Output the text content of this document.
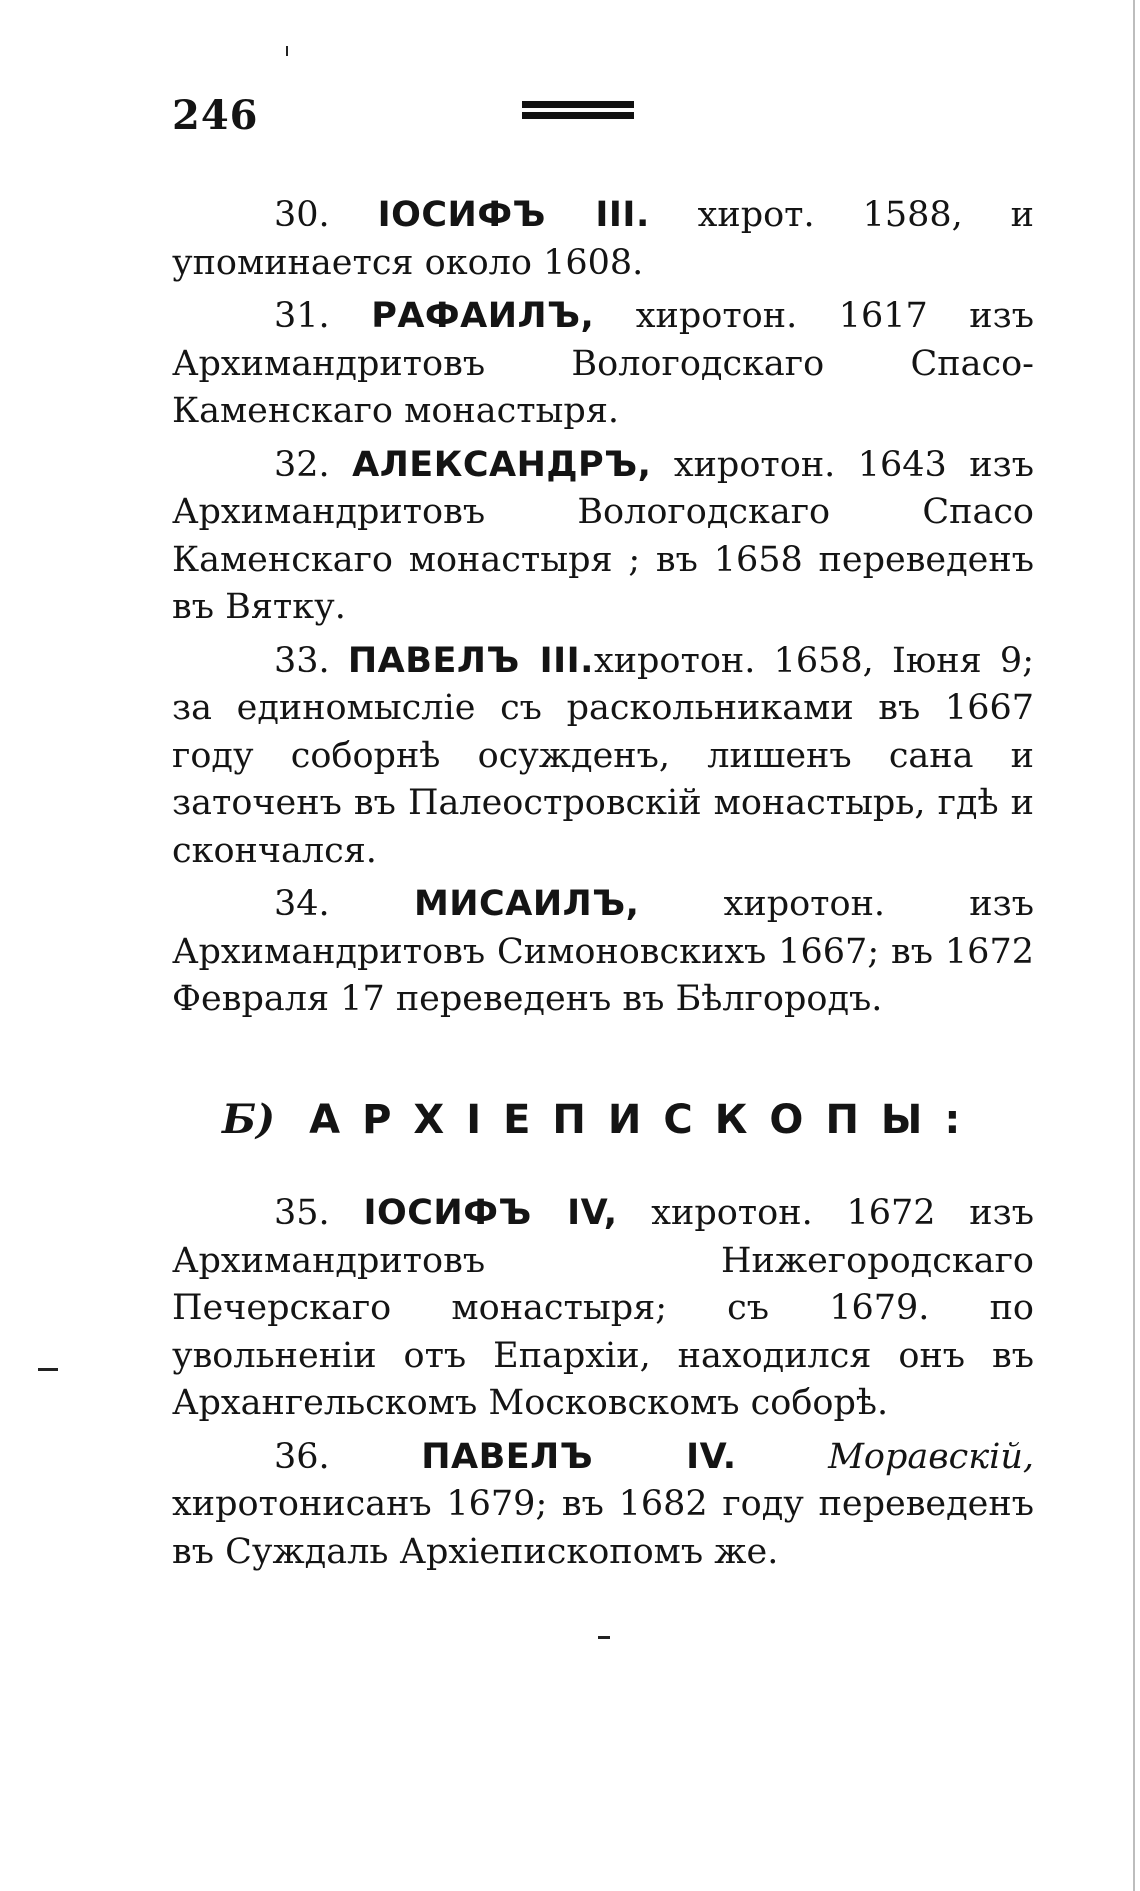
246

30. ІОСИФЪ III. хирот. 1588, и упоминается около 1608.

31. РАФАИЛЪ, хиротон. 1617 изъ Архимандритовъ Вологодскаго Спасо-Каменскаго монастыря.

32. АЛЕКСАНДРЪ, хиротон. 1643 изъ Архимандритовъ Вологодскаго Спасо Каменскаго монастыря ; въ 1658 переведенъ въ Вятку.

33. ПАВЕЛЪ III.хиротон. 1658, Іюня 9; за единомысліе съ раскольниками въ 1667 году соборнѣ осужденъ, лишенъ сана и заточенъ въ Палеостровскій монастырь, гдѣ и скончался.

34. МИСАИЛЪ, хиротон. изъ Архимандритовъ Симоновскихъ 1667; въ 1672 Февраля 17 переведенъ въ Бѣлгородъ.

Б) АРХІЕПИСКОПЫ:

35. ІОСИФЪ IV, хиротон. 1672 изъ Архимандритовъ Нижегородскаго Печерскаго монастыря; съ 1679. по увольненіи отъ Епархіи, находился онъ въ Архангельскомъ Московскомъ соборѣ.

36.	ПАВЕЛЪ IV.	Моравскій, хиротонисанъ 1679; въ 1682 году переведенъ въ Суждаль Архіепископомъ же.
